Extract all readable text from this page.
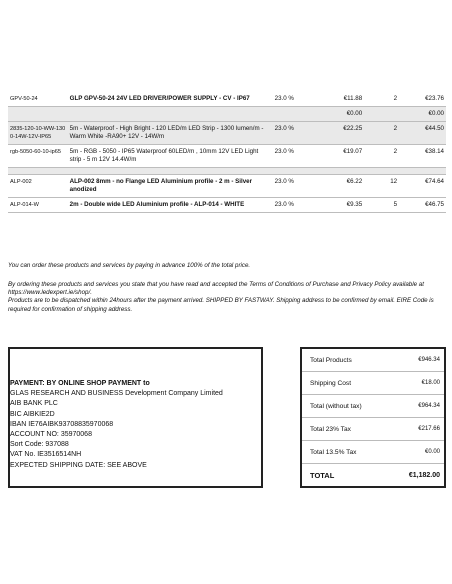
GPV-50-24	GLP GPV-50-24 24V LED DRIVER/POWER SUPPLY - CV - IP67	23.0 %	€11.88	2	€23.76
			€0.00		€0.00
2835-120-10-WW-1300-14W-12V-IP65	5m - Waterproof - High Bright - 120 LED/m LED Strip - 1300 lumen/m - Warm White -RA90+ 12V - 14W/m	23.0 %	€22.25	2	€44.50
rgb-5050-60-10-ip65	5m - RGB - 5050 - IP65 Waterproof 60LED/m , 10mm 12V LED Light strip - 5 m 12V 14.4W/m	23.0 %	€19.07	2	€38.14

ALP-002	ALP-002 8mm - no Flange LED Aluminium profile - 2 m - Silver anodized	23.0 %	€6.22	12	€74.64
ALP-014-W	2m - Double wide LED Aluminium profile - ALP-014 - WHITE	23.0 %	€9.35	5	€46.75

You can order these products and services by paying in advance 100% of the total price.

By ordering these products and services you state that you have read and accepted the Terms of Conditions of Purchase and Privacy Policy available at https://www.ledexpert.ie/shop/.

Products are to be dispatched within 24hours after the payment arrived. SHIPPED BY FASTWAY. Shipping address to be confirmed by email. EIRE Code is required for confirmation of shipping address.

PAYMENT: BY ONLINE SHOP PAYMENT to
GLAS RESEARCH AND BUSINESS Development Company Limited
AIB BANK PLC
BIC AIBKIE2D
IBAN IE76AIBK93708835970068
ACCOUNT NO: 35970068
Sort Code: 937088
VAT No. IE3516514NH
EXPECTED SHIPPING DATE: SEE ABOVE
Total Products	€946.34
Shipping Cost	€18.00
Total (without tax)	€964.34
Total 23% Tax	€217.66
Total 13.5% Tax	€0.00
TOTAL	€1,182.00
